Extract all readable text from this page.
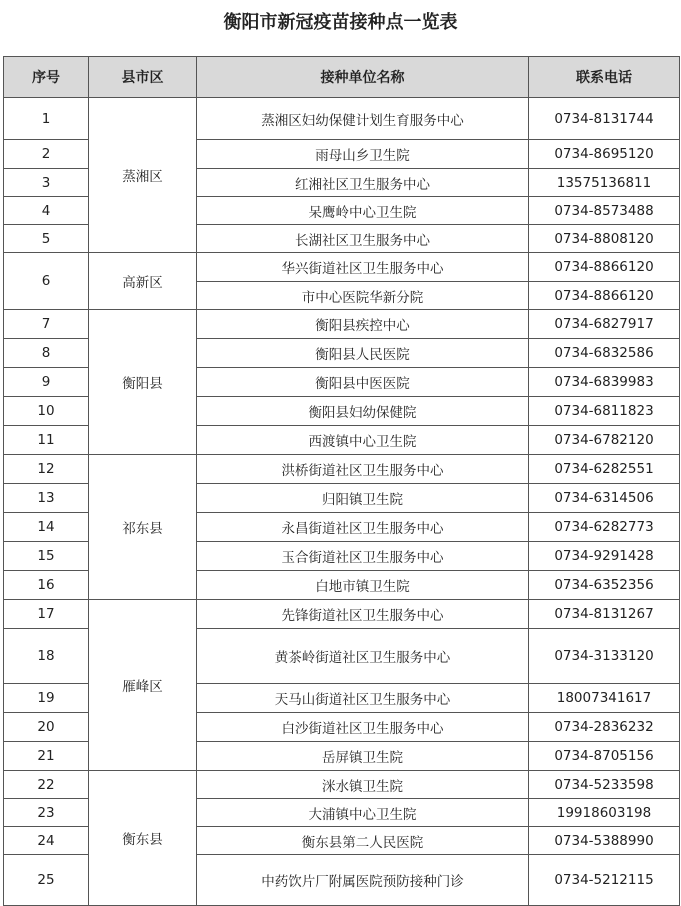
衡阳市新冠疫苗接种点一览表
序号	县市区	接种单位名称	联系电话
1	蒸湘区	蒸湘区妇幼保健计划生育服务中心	0734-8131744
2		雨母山乡卫生院	0734-8695120
3		红湘社区卫生服务中心	13575136811
4		呆鹰岭中心卫生院	0734-8573488
5		长湖社区卫生服务中心	0734-8808120
6	高新区	华兴街道社区卫生服务中心	0734-8866120
		市中心医院华新分院	0734-8866120
7	衡阳县	衡阳县疾控中心	0734-6827917
8		衡阳县人民医院	0734-6832586
9		衡阳县中医医院	0734-6839983
10		衡阳县妇幼保健院	0734-6811823
11		西渡镇中心卫生院	0734-6782120
12	祁东县	洪桥街道社区卫生服务中心	0734-6282551
13		归阳镇卫生院	0734-6314506
14		永昌街道社区卫生服务中心	0734-6282773
15		玉合街道社区卫生服务中心	0734-9291428
16		白地市镇卫生院	0734-6352356
17	雁峰区	先锋街道社区卫生服务中心	0734-8131267
18		黄茶岭街道社区卫生服务中心	0734-3133120
19		天马山街道社区卫生服务中心	18007341617
20		白沙街道社区卫生服务中心	0734-2836232
21		岳屏镇卫生院	0734-8705156
22	衡东县	洣水镇卫生院	0734-5233598
23		大浦镇中心卫生院	19918603198
24		衡东县第二人民医院	0734-5388990
25		中药饮片厂附属医院预防接种门诊	0734-5212115
